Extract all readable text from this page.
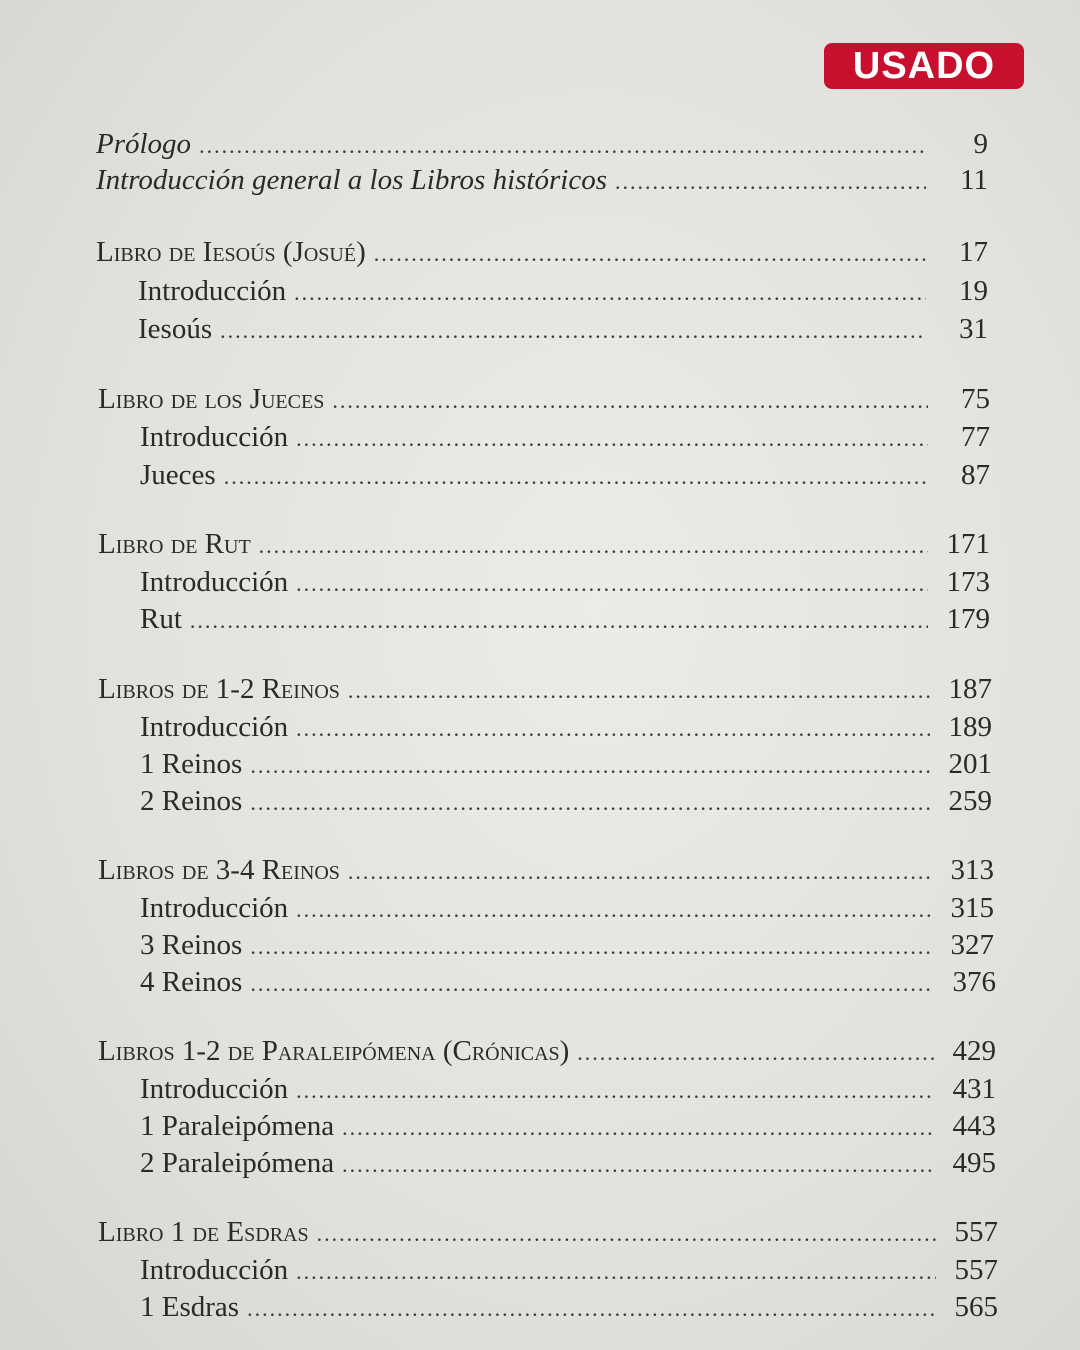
USADO
Prólogo .....	9
Introducción general a los Libros históricos .....	11
Libro de Iesoús (Josué) .....	17
Introducción .....	19
Iesoús .....	31
Libro de los Jueces .....	75
Introducción .....	77
Jueces .....	87
Libro de Rut .....	171
Introducción .....	173
Rut .....	179
Libros de 1-2 Reinos .....	187
Introducción .....	189
1 Reinos .....	201
2 Reinos .....	259
Libros de 3-4 Reinos .....	313
Introducción .....	315
3 Reinos .....	327
4 Reinos .....	376
Libros 1-2 de Paraleipómena (Crónicas) .....	429
Introducción .....	431
1 Paraleipómena .....	443
2 Paraleipómena .....	495
Libro 1 de Esdras .....	557
Introducción .....	557
1 Esdras .....	565
